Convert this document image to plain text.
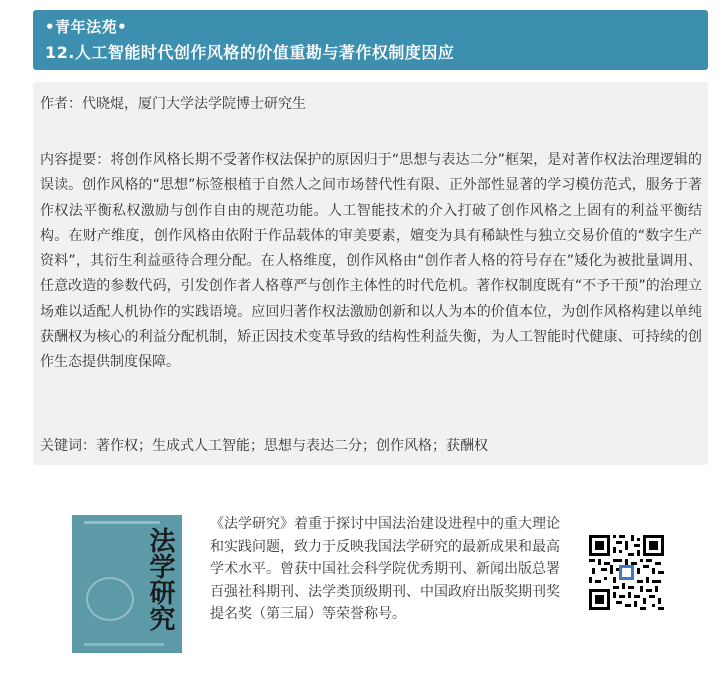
•青年法苑•
12.人工智能时代创作风格的价值重勘与著作权制度因应
作者：代晓焜，厦门大学法学院博士研究生

内容提要：将创作风格长期不受著作权法保护的原因归于“思想与表达二分”框架，是对著作权法治理逻辑的误读。创作风格的“思想”标签根植于自然人之间市场替代性有限、正外部性显著的学习模仿范式，服务于著作权法平衡私权激励与创作自由的规范功能。人工智能技术的介入打破了创作风格之上固有的利益平衡结构。在财产维度，创作风格由依附于作品载体的审美要素，嬗变为具有稀缺性与独立交易价值的“数字生产资料”，其衍生利益亟待合理分配。在人格维度，创作风格由“创作者人格的符号存在”矮化为被批量调用、任意改造的参数代码，引发创作者人格尊严与创作主体性的时代危机。著作权制度既有“不予干预”的治理立场难以适配人机协作的实践语境。应回归著作权法激励创新和以人为本的价值本位，为创作风格构建以单纯获酬权为核心的利益分配机制，矫正因技术变革导致的结构性利益失衡，为人工智能时代健康、可持续的创作生态提供制度保障。

关键词：著作权；生成式人工智能；思想与表达二分；创作风格；获酬权
法学研究

《法学研究》着重于探讨中国法治建设进程中的重大理论和实践问题，致力于反映我国法学研究的最新成果和最高学术水平。曾获中国社会科学院优秀期刊、新闻出版总署百强社科期刊、法学类顶级期刊、中国政府出版奖期刊奖提名奖（第三届）等荣誉称号。
